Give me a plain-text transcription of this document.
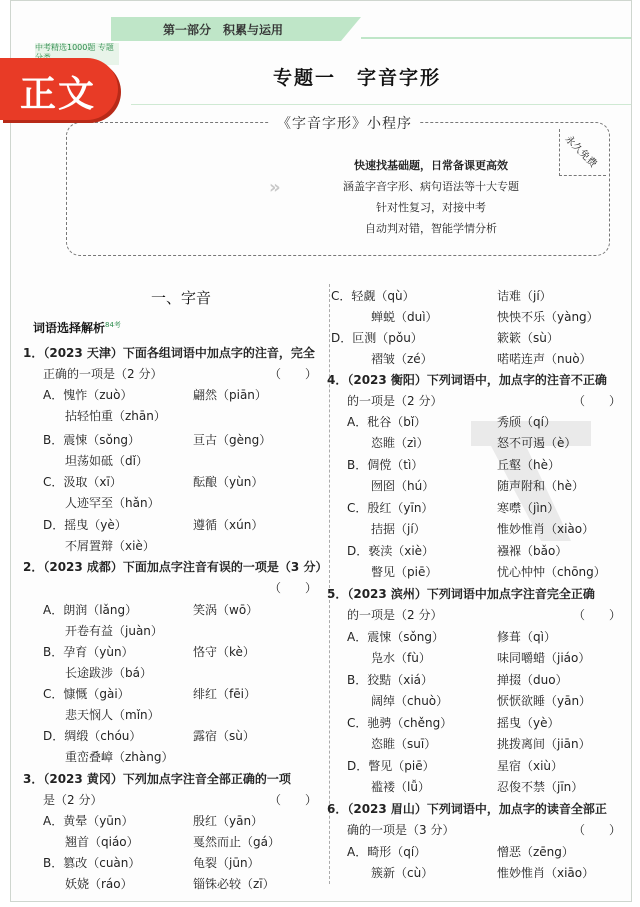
第一部分　积累与运用
中考精选1000题 专题
专题一　字音字形
《字音字形》小程序
永久免费
»
快速找基础题，日常备课更高效
涵盖字音字形、病句语法等十大专题
针对性复习，对接中考
自动判对错，智能学情分析
一、字音
词语选择解析$^{84考}$
1．（2023 天津）下面各组词语中加点字的注音，完全
正确的一项是（2 分）
A．愧怍（zuò）	翩然（piān）
拈轻怕重（zhān）
B．震悚（sǒng）	亘古（gèng）
坦荡如砥（dǐ）
C．汲取（xī）	酝酿（yùn）
人迹罕至（hǎn）
D．摇曳（yè）	遵循（xún）
不屑置辩（xiè）
2．（2023 成都）下面加点字注音有误的一项是（3 分）
A．朗润（lǎng）	笑涡（wō）
开卷有益（juàn）
B．孕育（yùn）	恪守（kè）
长途跋涉（bá）
C．慷慨（gài）	绯红（fēi）
悲天悯人（mǐn）
D．绸缎（chóu）	露宿（sù）
重峦叠嶂（zhàng）
3．（2023 黄冈）下列加点字注音全部正确的一项
是（2 分）
A．黄晕（yūn）	殷红（yān）
翘首（qiáo）	戛然而止（gá）
B．篡改（cuàn）	龟裂（jūn）
妖娆（ráo）	锱铢必较（zī）
（　　）
（　　）
（　　）
C．轻觑（qù）	诘难（jí）
蝉蜕（duì）	怏怏不乐（yàng）
D．叵测（pǒu）	簌簌（sù）
褶皱（zé）	喏喏连声（nuò）
4．（2023 衡阳）下列词语中，加点字的注音不正确
的一项是（2 分）
A．秕谷（bǐ）	秀颀（qí）
恣睢（zì）	怒不可遏（è）
B．倜傥（tì）	丘壑（hè）
囫囵（hú）	随声附和（hè）
C．殷红（yīn）	寒噤（jìn）
拮据（jí）	惟妙惟肖（xiào）
D．亵渎（xiè）	襁褓（bǎo）
瞥见（piē）	忧心忡忡（chōng）
5．（2023 滨州）下列词语中加点字注音完全正确
的一项是（2 分）
A．震悚（sǒng）	修葺（qì）
凫水（fù）	味同嚼蜡（jiáo）
B．狡黠（xiá）	掸掇（duo）
阔绰（chuò）	恹恹欲睡（yān）
C．驰骋（chěng）	摇曳（yè）
恣睢（suī）	挑拨离间（jiān）
D．瞥见（piē）	星宿（xiù）
褴褛（lǚ）	忍俊不禁（jīn）
6．（2023 眉山）下列词语中，加点字的读音全部正
确的一项是（3 分）
A．畸形（qí）	憎恶（zēng）
簇新（cù）	惟妙惟肖（xiāo）
（　　）
（　　）
（　　）
正文
